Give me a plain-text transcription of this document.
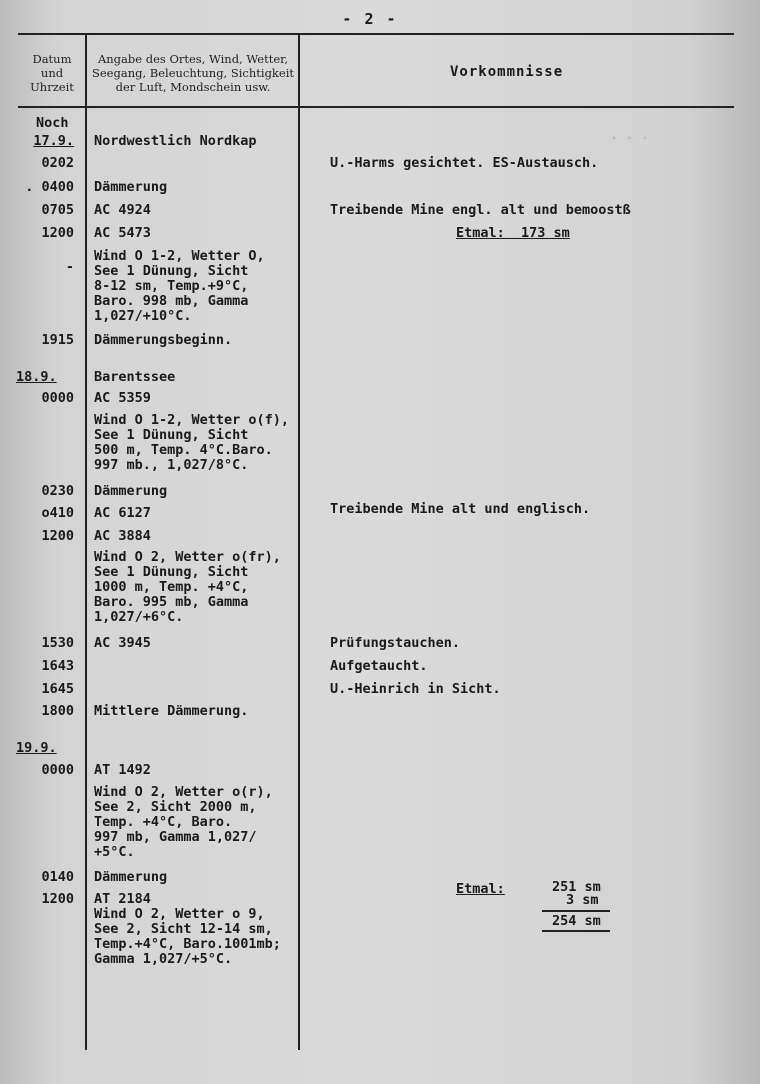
- 2 -
Datum
und
Uhrzeit
Angabe des Ortes, Wind, Wetter,
Seegang, Beleuchtung, Sichtigkeit
der Luft, Mondschein usw.
Vorkommnisse
. . .
Noch
17.9.
0202
. 0400
0705
1200
-
1915
18.9.
0000
0230
o410
1200
1530
1643
1645
1800
19.9.
0000
0140
1200
Nordwestlich Nordkap
Dämmerung
AC 4924
AC 5473
Wind O 1-2, Wetter O,
See 1 Dünung, Sicht
8-12 sm, Temp.+9°C,
Baro. 998 mb, Gamma
1,027/+10°C.
Dämmerungsbeginn.
Barentssee
AC 5359
Wind O 1-2, Wetter o(f),
See 1 Dünung, Sicht
500 m, Temp. 4°C.Baro.
997 mb., 1,027/8°C.
Dämmerung
AC 6127
AC 3884
Wind O 2, Wetter o(fr),
See 1 Dünung, Sicht
1000 m, Temp. +4°C,
Baro. 995 mb, Gamma
1,027/+6°C.
AC 3945
Mittlere Dämmerung.
AT 1492
Wind O 2, Wetter o(r),
See 2, Sicht 2000 m,
Temp. +4°C, Baro.
997 mb, Gamma 1,027/
+5°C.
Dämmerung
AT 2184
Wind O 2, Wetter o 9,
See 2, Sicht 12-14 sm,
Temp.+4°C, Baro.1001mb;
Gamma 1,027/+5°C.
U.-Harms gesichtet. ES-Austausch.
Treibende Mine engl. alt und bemoostß
Etmal:  173 sm
Treibende Mine alt und englisch.
Prüfungstauchen.
Aufgetaucht.
U.-Heinrich in Sicht.
Etmal:	251 sm
3 sm
254 sm
